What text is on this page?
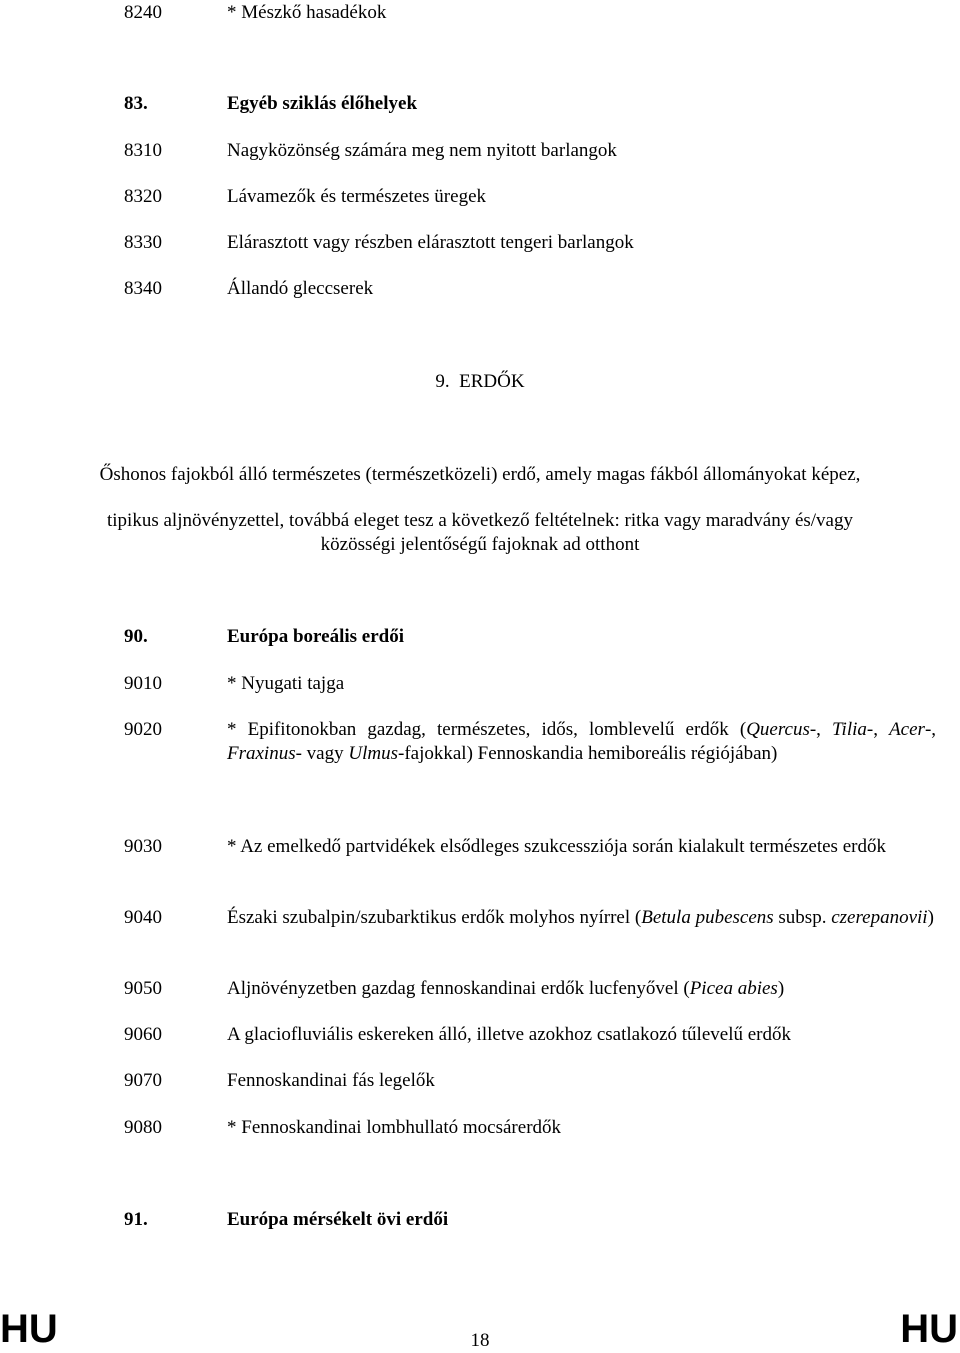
8240	* Mészkő hasadékok
83.	Egyéb sziklás élőhelyek
8310	Nagyközönség számára meg nem nyitott barlangok
8320	Lávamezők és természetes üregek
8330	Elárasztott vagy részben elárasztott tengeri barlangok
8340	Állandó gleccserek
9.  ERDŐK
Őshonos fajokból álló természetes (természetközeli) erdő, amely magas fákból állományokat képez,
tipikus aljnövényzettel, továbbá eleget tesz a következő feltételnek: ritka vagy maradvány és/vagy
közösségi jelentőségű fajoknak ad otthont
90.	Európa boreális erdői
9010	* Nyugati tajga
9020	* Epifitonokban gazdag, természetes, idős, lomblevelű erdők (Quercus-, Tilia-, Acer-, Fraxinus- vagy Ulmus-fajokkal) Fennoskandia hemiboreális régiójában)
9030	* Az emelkedő partvidékek elsődleges szukcessziója során kialakult természetes erdők
9040	Északi szubalpin/szubarktikus erdők molyhos nyírrel (Betula pubescens subsp. czerepanovii)
9050	Aljnövényzetben gazdag fennoskandinai erdők lucfenyővel (Picea abies)
9060	A glaciofluviális eskereken álló, illetve azokhoz csatlakozó tűlevelű erdők
9070	Fennoskandinai fás legelők
9080	* Fennoskandinai lombhullató mocsárerdők
91.	Európa mérsékelt övi erdői
HU	18	HU
